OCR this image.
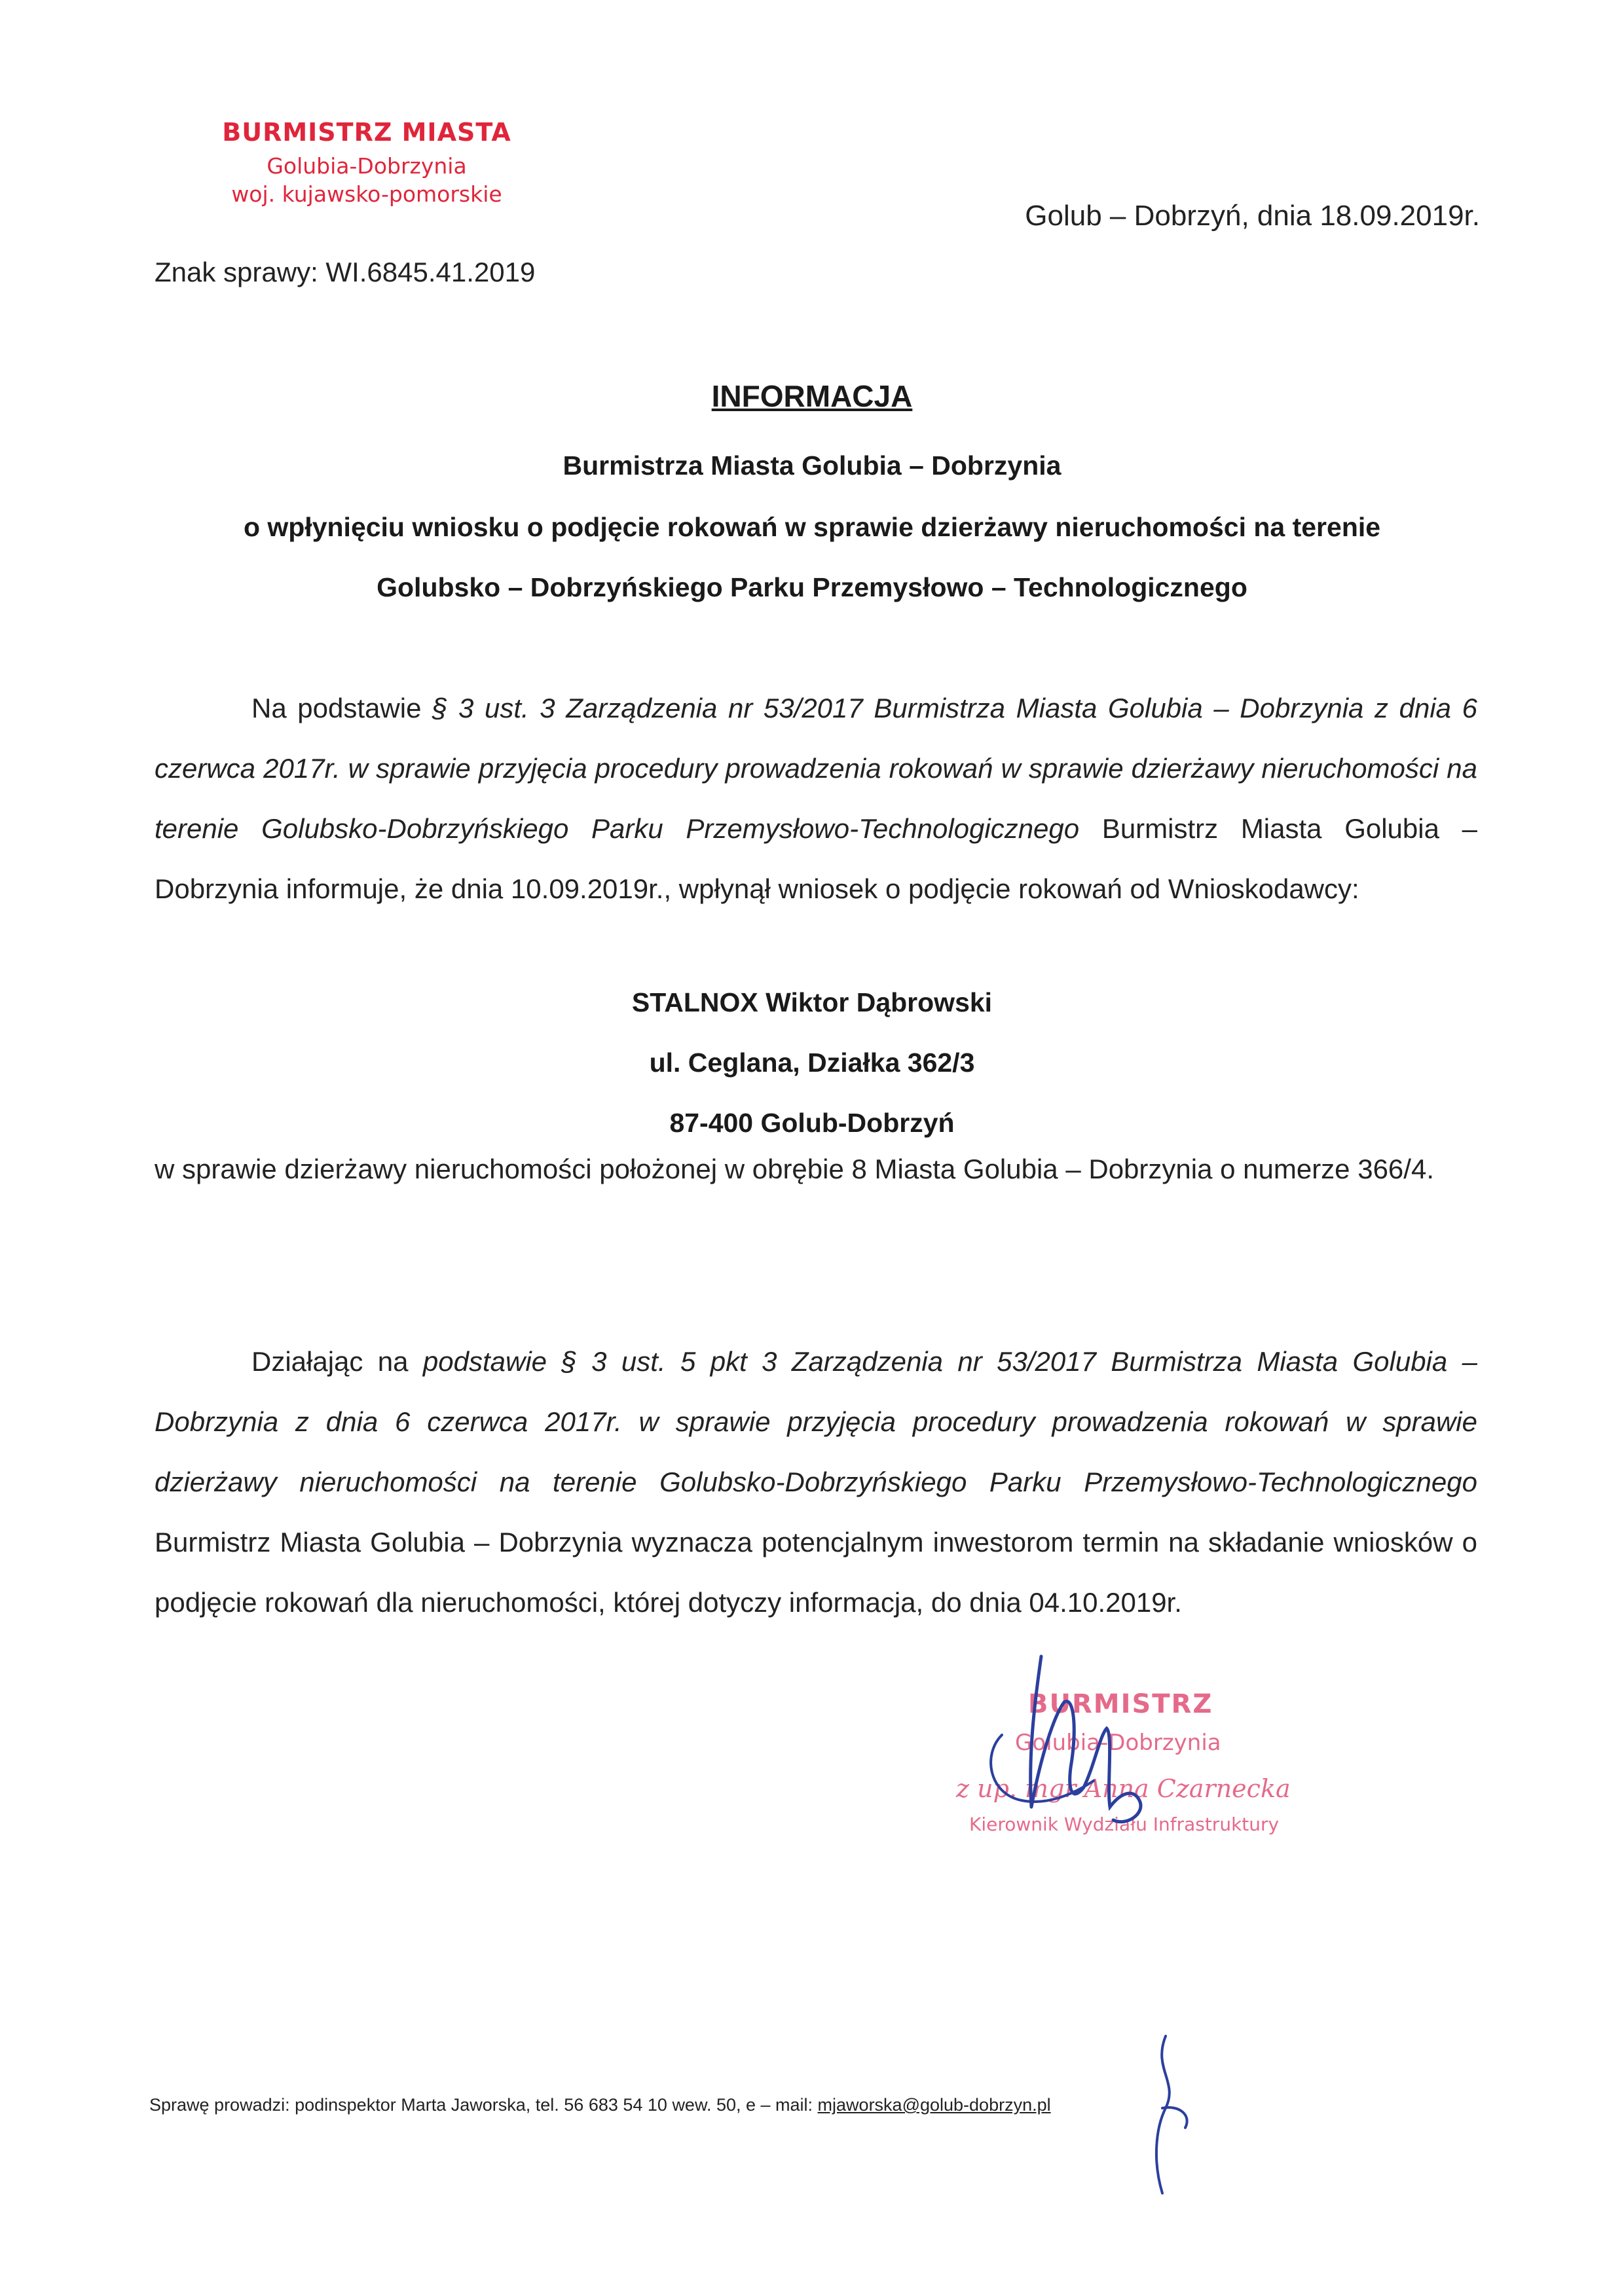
BURMISTRZ MIASTA
Golubia-Dobrzynia
woj. kujawsko-pomorskie
Golub – Dobrzyń, dnia 18.09.2019r.
Znak sprawy: WI.6845.41.2019
INFORMACJA
Burmistrza Miasta Golubia – Dobrzynia
o wpłynięciu wniosku o podjęcie rokowań w sprawie dzierżawy nieruchomości na terenie
Golubsko – Dobrzyńskiego Parku Przemysłowo – Technologicznego
Na podstawie § 3 ust. 3 Zarządzenia nr 53/2017 Burmistrza Miasta Golubia – Dobrzynia z dnia 6 czerwca 2017r. w sprawie przyjęcia procedury prowadzenia rokowań w sprawie dzierżawy nieruchomości na terenie Golubsko-Dobrzyńskiego Parku Przemysłowo-Technologicznego Burmistrz Miasta Golubia – Dobrzynia informuje, że dnia 10.09.2019r., wpłynął wniosek o podjęcie rokowań od Wnioskodawcy:
STALNOX Wiktor Dąbrowski
ul. Ceglana, Działka 362/3
87-400 Golub-Dobrzyń
w sprawie dzierżawy nieruchomości położonej w obrębie 8 Miasta Golubia – Dobrzynia o numerze 366/4.
Działając na podstawie § 3 ust. 5 pkt 3 Zarządzenia nr 53/2017 Burmistrza Miasta Golubia – Dobrzynia z dnia 6 czerwca 2017r. w sprawie przyjęcia procedury prowadzenia rokowań w sprawie dzierżawy nieruchomości na terenie Golubsko-Dobrzyńskiego Parku Przemysłowo-Technologicznego Burmistrz Miasta Golubia – Dobrzynia wyznacza potencjalnym inwestorom termin na składanie wniosków o podjęcie rokowań dla nieruchomości, której dotyczy informacja, do dnia 04.10.2019r.
BURMISTRZ
Golubia-Dobrzynia
z up. mgr Anna Czarnecka
Kierownik Wydziału Infrastruktury
Sprawę prowadzi: podinspektor Marta Jaworska, tel. 56 683 54 10 wew. 50, e – mail: mjaworska@golub-dobrzyn.pl
